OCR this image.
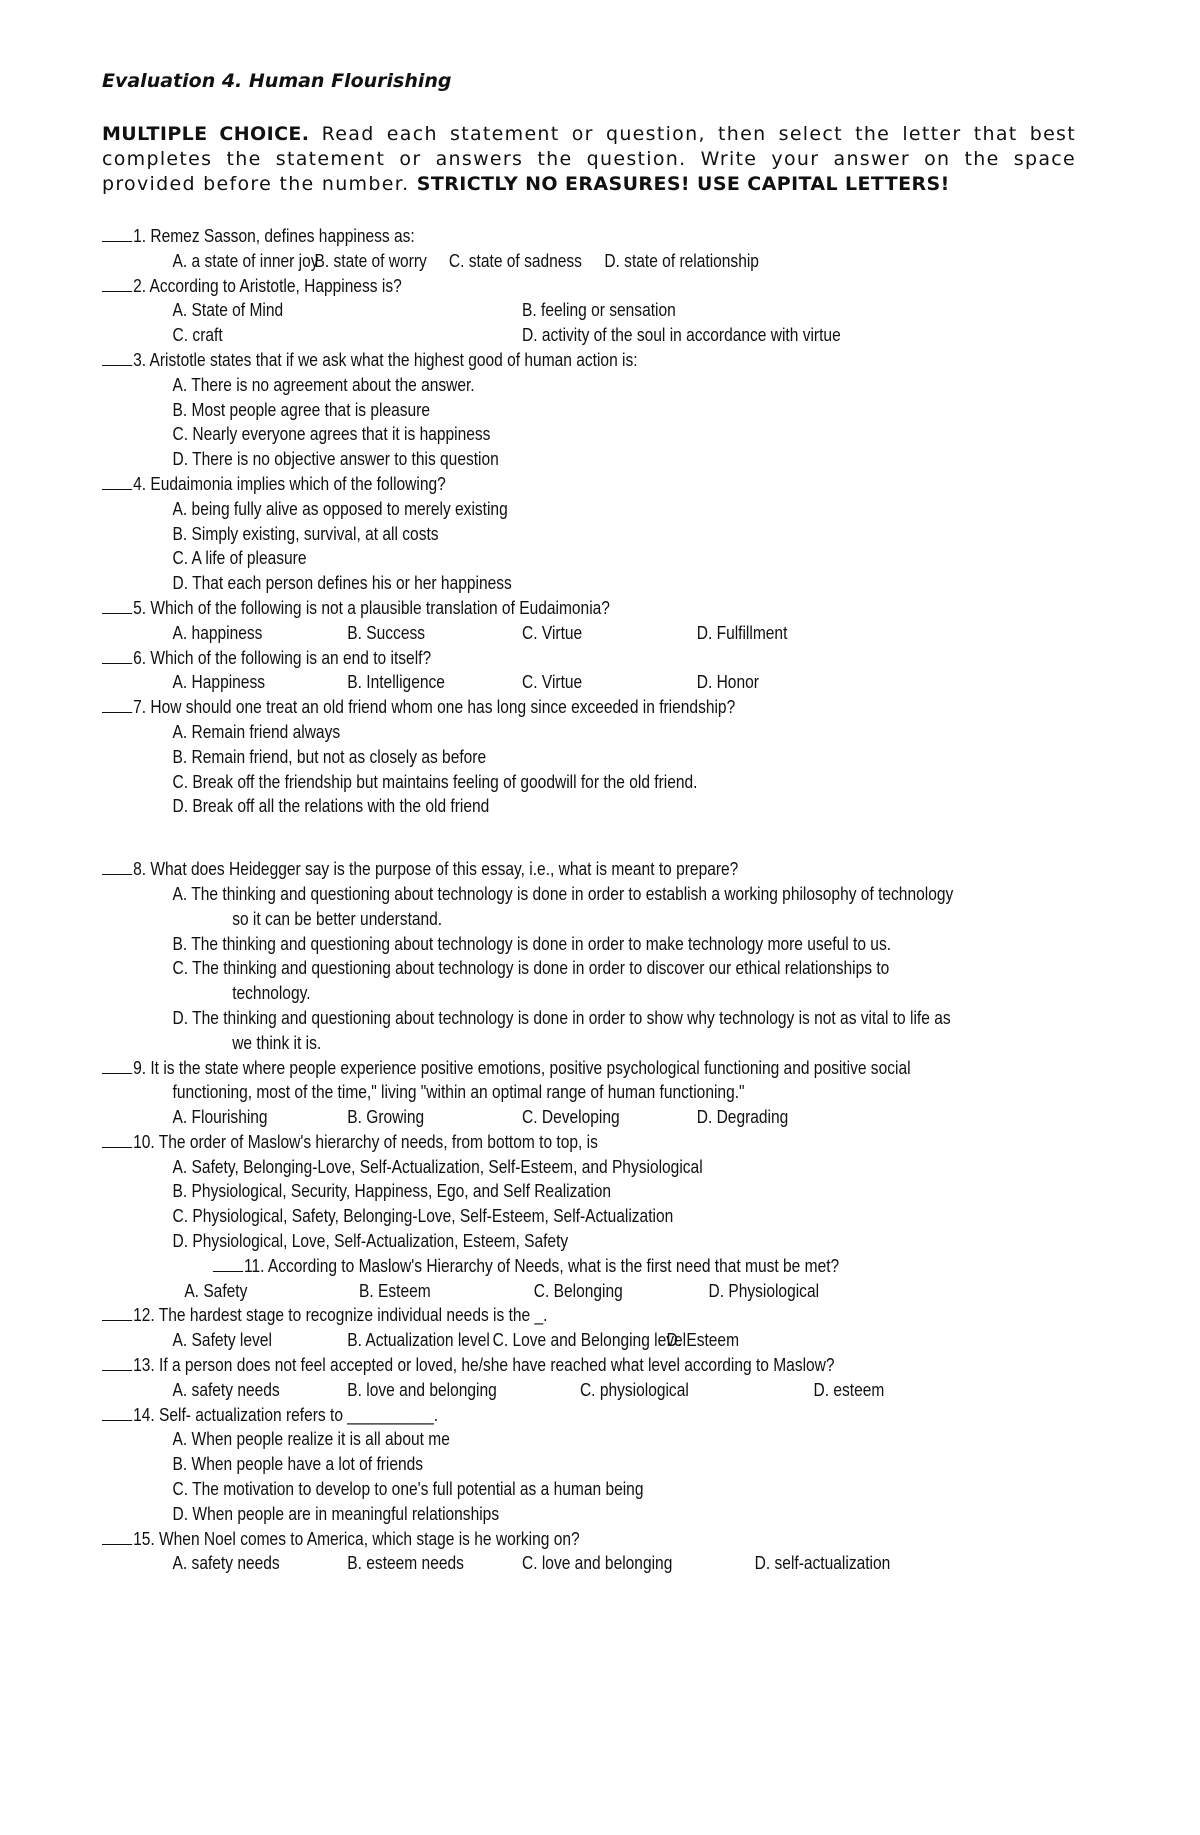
Evaluation 4. Human Flourishing
MULTIPLE CHOICE. Read each statement or question, then select the letter that best completes the statement or answers the question. Write your answer on the space provided before the number. STRICTLY NO ERASURES! USE CAPITAL LETTERS!
1. Remez Sasson, defines happiness as:
A. a state of inner joy
B. state of worry C. state of sadness D. state of relationship
2. According to Aristotle, Happiness is?
A. State of Mind	B. feeling or sensation
C. craft	D. activity of the soul in accordance with virtue
3. Aristotle states that if we ask what the highest good of human action is:
A. There is no agreement about the answer.
B. Most people agree that is pleasure
C. Nearly everyone agrees that it is happiness
D. There is no objective answer to this question
4. Eudaimonia implies which of the following?
A. being fully alive as opposed to merely existing
B. Simply existing, survival, at all costs
C. A life of pleasure
D. That each person defines his or her happiness
5. Which of the following is not a plausible translation of Eudaimonia?
A. happiness	B. Success	C. Virtue	D. Fulfillment
6. Which of the following is an end to itself?
A. Happiness	B. Intelligence	C. Virtue	D. Honor
7. How should one treat an old friend whom one has long since exceeded in friendship?
A. Remain friend always
B. Remain friend, but not as closely as before
C. Break off the friendship but maintains feeling of goodwill for the old friend.
D. Break off all the relations with the old friend
8. What does Heidegger say is the purpose of this essay, i.e., what is meant to prepare?
A. The thinking and questioning about technology is done in order to establish a working philosophy of technology
so it can be better understand.
B. The thinking and questioning about technology is done in order to make technology more useful to us.
C. The thinking and questioning about technology is done in order to discover our ethical relationships to
technology.
D. The thinking and questioning about technology is done in order to show why technology is not as vital to life as
we think it is.
9. It is the state where people experience positive emotions, positive psychological functioning and positive social
functioning, most of the time," living "within an optimal range of human functioning."
A. Flourishing	B. Growing	C. Developing	D. Degrading
10. The order of Maslow's hierarchy of needs, from bottom to top, is
A. Safety, Belonging-Love, Self-Actualization, Self-Esteem, and Physiological
B. Physiological, Security, Happiness, Ego, and Self Realization
C. Physiological, Safety, Belonging-Love, Self-Esteem, Self-Actualization
D. Physiological, Love, Self-Actualization, Esteem, Safety
11. According to Maslow's Hierarchy of Needs, what is the first need that must be met?
A. Safety	B. Esteem	C. Belonging	D. Physiological
12. The hardest stage to recognize individual needs is the _.
A. Safety level	B. Actualization level C. Love and Belonging level
D. Esteem
13. If a person does not feel accepted or loved, he/she have reached what level according to Maslow?
A. safety needs	B. love and belonging	C. physiological	D. esteem
14. Self- actualization refers to __________.
A. When people realize it is all about me
B. When people have a lot of friends
C. The motivation to develop to one's full potential as a human being
D. When people are in meaningful relationships
15. When Noel comes to America, which stage is he working on?
A. safety needs	B. esteem needs	C. love and belonging	D. self-actualization
